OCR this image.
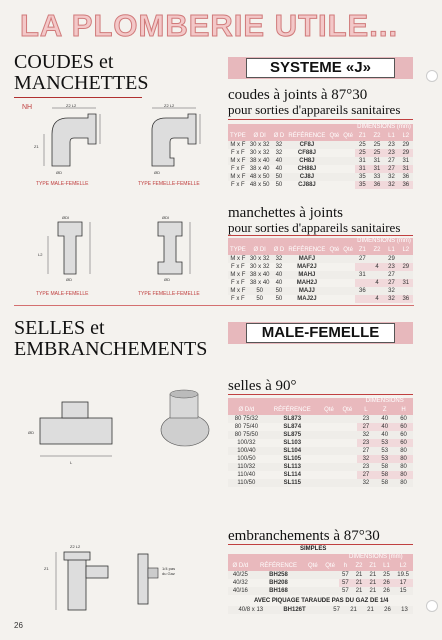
LA PLOMBERIE UTILE...
COUDES et
MANCHETTES
NH	Z2 L2
Z1
ØD
Z2 L2
ØD
TYPE MALE-FEMELLE	TYPE FEMELLE-FEMELLE
ØDI
L2
ØD
ØDI
ØD
TYPE MALE-FEMELLE	TYPE FEMELLE-FEMELLE
SYSTEME «J»
coudes à joints à 87°30
pour sorties d'appareils sanitaires
						DIMENSIONS (mm)			
TYPE	Ø DI	Ø D	RÉFÉRENCE	Qté	Qté	Z1	Z2	L1	L2
M x F	30 x 32	32	CF8J			25	25	23	29
F x F	30 x 32	32	CF88J			25	25	23	29
M x F	38 x 40	40	CH8J			31	31	27	31
F x F	38 x 40	40	CH88J			31	31	27	31
M x F	48 x 50	50	CJ8J			35	33	32	36
F x F	48 x 50	50	CJ88J			35	36	32	36
manchettes à joints
pour sorties d'appareils sanitaires
						DIMENSIONS (mm)			
TYPE	Ø DI	Ø D	RÉFÉRENCE	Qté	Qté	Z1	Z2	L1	L2
M x F	30 x 32	32	MAFJ			27		29	
F x F	30 x 32	32	MAF2J				4	23	29
M x F	38 x 40	40	MAHJ			31		27	
F x F	38 x 40	40	MAH2J				4	27	31
M x F	50	50	MAJJ			36		32	
F x F	50	50	MAJ2J				4	32	36
SELLES et
EMBRANCHEMENTS
MALE-FEMELLE
L
ØD
selles à 90°
				DIMENSIONS		
Ø D/d	RÉFÉRENCE	Qté	Qté	L	Z	H
80 75/32	SL873			23	40	60
80 75/40	SL874			27	40	60
80 75/50	SL875			32	40	60
100/32	SL103			23	53	60
100/40	SL104			27	53	80
100/50	SL105			32	53	80
110/32	SL113			23	58	80
110/40	SL114			27	58	80
110/50	SL115			32	58	80
Z1
Z2 L2
1/4 pas
du Gaz
embranchements à 87°30
SIMPLES
				DIMENSIONS (mm)				
Ø D/d	RÉFÉRENCE	Qté	Qté	h	Z2	Z1	L1	L2
40/25	BH258			57	21	21	25	19.5
40/32	BH208			57	21	21	26	17
40/16	BH168			57	21	21	26	15
AVEC PIQUAGE TARAUDE PAS DU GAZ DE 1/4
40/8 x 13	BH126T			57	21	21	26	13
26
